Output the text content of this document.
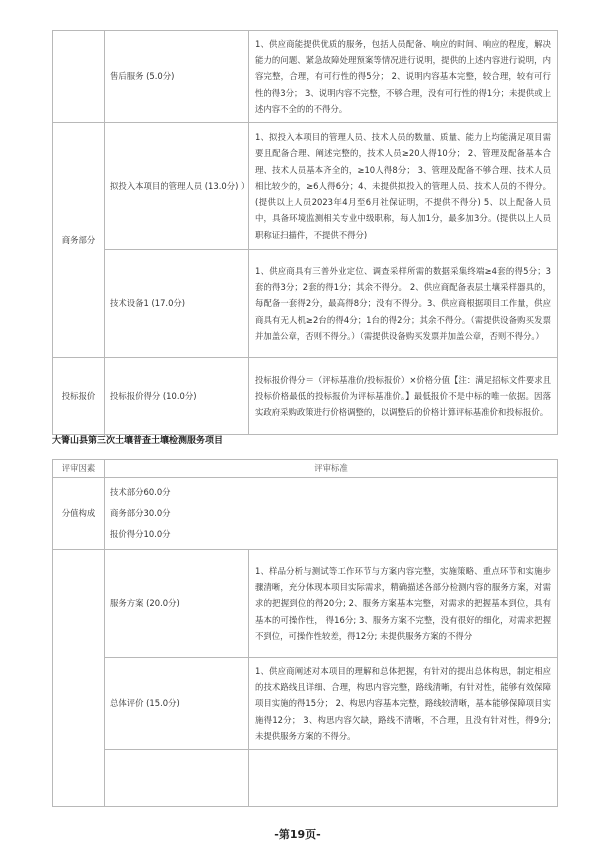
	售后服务 (5.0分)	1、供应商能提供优质的服务，包括人员配备、响应的时间、响应的程度，解决能力的问题、紧急故障处理预案等情况进行说明，提供的上述内容进行说明，内容完整，合理，有可行性的得5分； 2、说明内容基本完整，较合理，较有可行性的得3分； 3、说明内容不完整，不够合理，没有可行性的得1分；未提供或上述内容不全的的不得分。
商务部分	拟投入本项目的管理人员 (13.0分) ）	1、拟投入本项目的管理人员、技术人员的数量、质量、能力上均能满足项目需要且配备合理、阐述完整的，技术人员≥20人得10分； 2、管理及配备基本合理、技术人员基本齐全的，≥10人得8分； 3、管理及配备不够合理、技术人员相比较少的，≥6人得6分；4、未提供拟投入的管理人员、技术人员的不得分。(提供以上人员2023年4月至6月社保证明，不提供不得分) 5、以上配备人员中，具备环境监测相关专业中级职称，每人加1分，最多加3分。(提供以上人员职称证扫描件，不提供不得分)
	技术设备1 (17.0分)	1、供应商具有三普外业定位、调查采样所需的数据采集终端≥4套的得5分；3套的得3分；2套的得1分；其余不得分。 2、供应商配备表层土壤采样器具的，每配备一套得2分，最高得8分；没有不得分。3、供应商根据项目工作量，供应商具有无人机≥2台的得4分；1台的得2分；其余不得分。（需提供设备购买发票并加盖公章，否则不得分。）（需提供设备购买发票并加盖公章，否则不得分。）
投标报价	投标报价得分 (10.0分)	投标报价得分＝（评标基准价/投标报价）×价格分值【注：满足招标文件要求且投标价格最低的投标报价为评标基准价。】最低报价不是中标的唯一依据。因落实政府采购政策进行价格调整的，以调整后的价格计算评标基准价和投标报价。
大箐山县第三次土壤普查土壤检测服务项目
评审因素	评审标准	
分值构成	技术部分60.0分
商务部分30.0分
报价得分10.0分	

	服务方案 (20.0分)	1、样品分析与测试等工作环节与方案内容完整，实施策略、重点环节和实施步骤清晰，充分体现本项目实际需求，精确描述各部分检测内容的服务方案，对需求的把握到位的得20分; 2、服务方案基本完整，对需求的把握基本到位，具有基本的可操作性， 得16分; 3、服务方案不完整，没有很好的细化，对需求把握不到位，可操作性较差，得12分; 未提供服务方案的不得分
	总体评价 (15.0分)	1、供应商阐述对本项目的理解和总体把握，有针对的提出总体构思，制定相应的技术路线且详细、合理，构思内容完整，路线清晰，有针对性，能够有效保障项目实施的得15分； 2、构思内容基本完整，路线较清晰，基本能够保障项目实施得12分； 3、构思内容欠缺，路线不清晰，不合理，且没有针对性，得9分; 未提供服务方案的不得分。

-第19页-
